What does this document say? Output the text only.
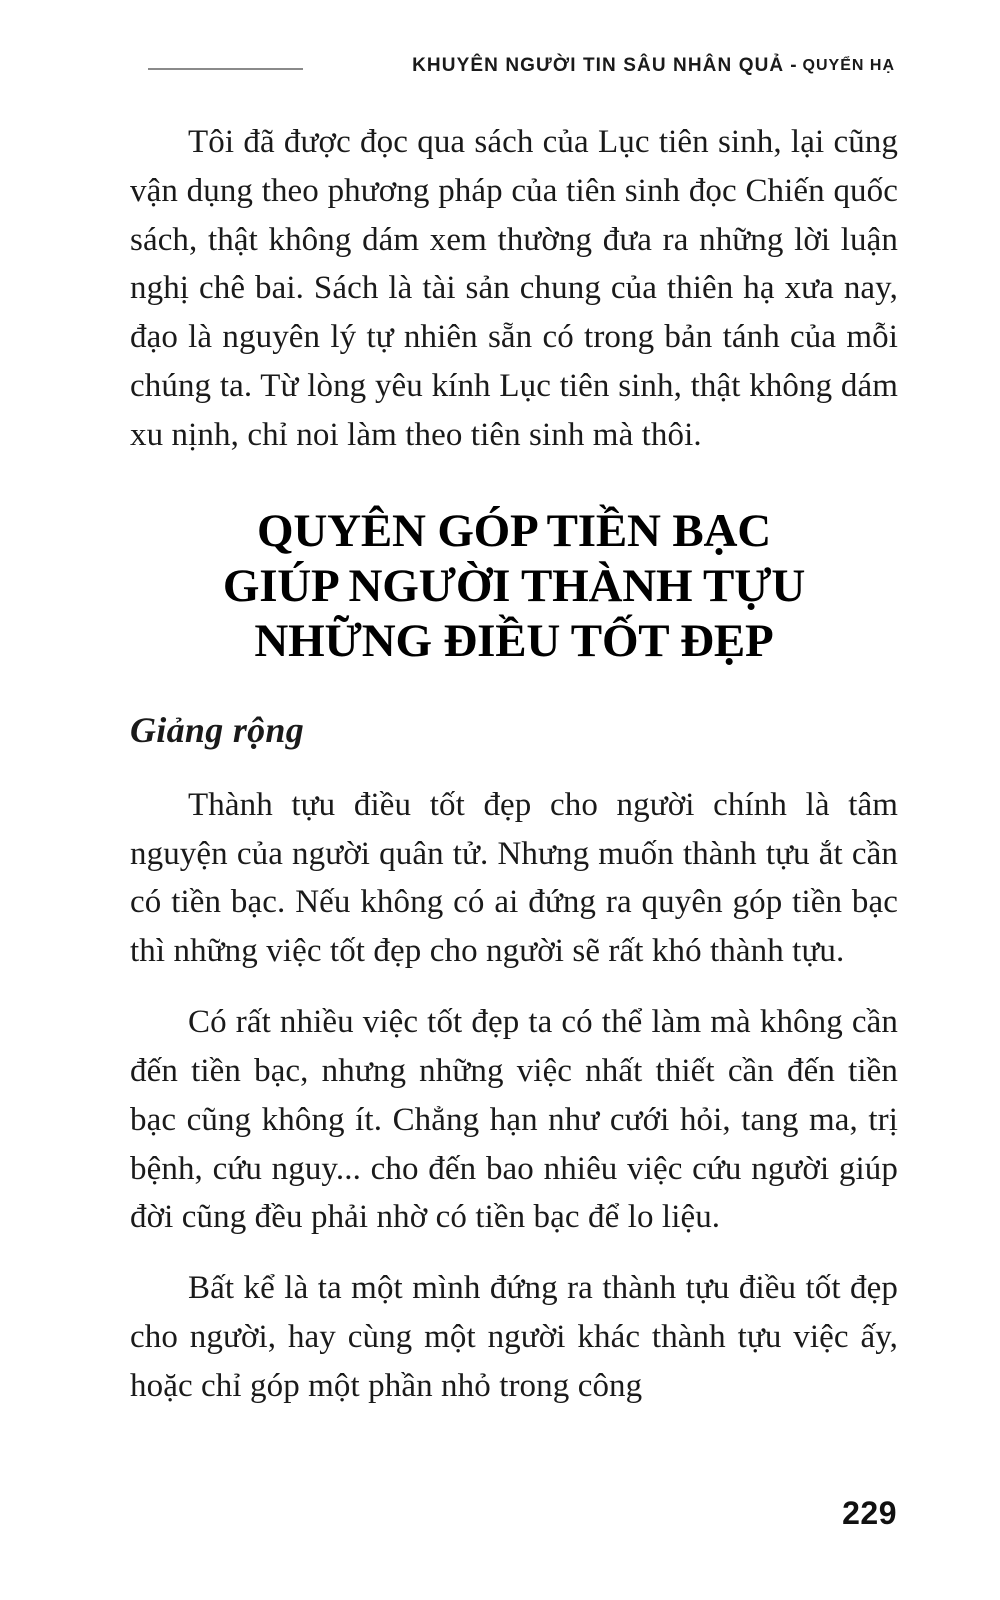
KHUYÊN NGƯỜI TIN SÂU NHÂN QUẢ - QUYỂN HẠ

Tôi đã được đọc qua sách của Lục tiên sinh, lại cũng vận dụng theo phương pháp của tiên sinh đọc Chiến quốc sách, thật không dám xem thường đưa ra những lời luận nghị chê bai. Sách là tài sản chung của thiên hạ xưa nay, đạo là nguyên lý tự nhiên sẵn có trong bản tánh của mỗi chúng ta. Từ lòng yêu kính Lục tiên sinh, thật không dám xu nịnh, chỉ noi làm theo tiên sinh mà thôi.

QUYÊN GÓP TIỀN BẠC
GIÚP NGƯỜI THÀNH TỰU
NHỮNG ĐIỀU TỐT ĐẸP
Giảng rộng

Thành tựu điều tốt đẹp cho người chính là tâm nguyện của người quân tử. Nhưng muốn thành tựu ắt cần có tiền bạc. Nếu không có ai đứng ra quyên góp tiền bạc thì những việc tốt đẹp cho người sẽ rất khó thành tựu.

Có rất nhiều việc tốt đẹp ta có thể làm mà không cần đến tiền bạc, nhưng những việc nhất thiết cần đến tiền bạc cũng không ít. Chẳng hạn như cưới hỏi, tang ma, trị bệnh, cứu nguy... cho đến bao nhiêu việc cứu người giúp đời cũng đều phải nhờ có tiền bạc để lo liệu.

Bất kể là ta một mình đứng ra thành tựu điều tốt đẹp cho người, hay cùng một người khác thành tựu việc ấy, hoặc chỉ góp một phần nhỏ trong công

229
